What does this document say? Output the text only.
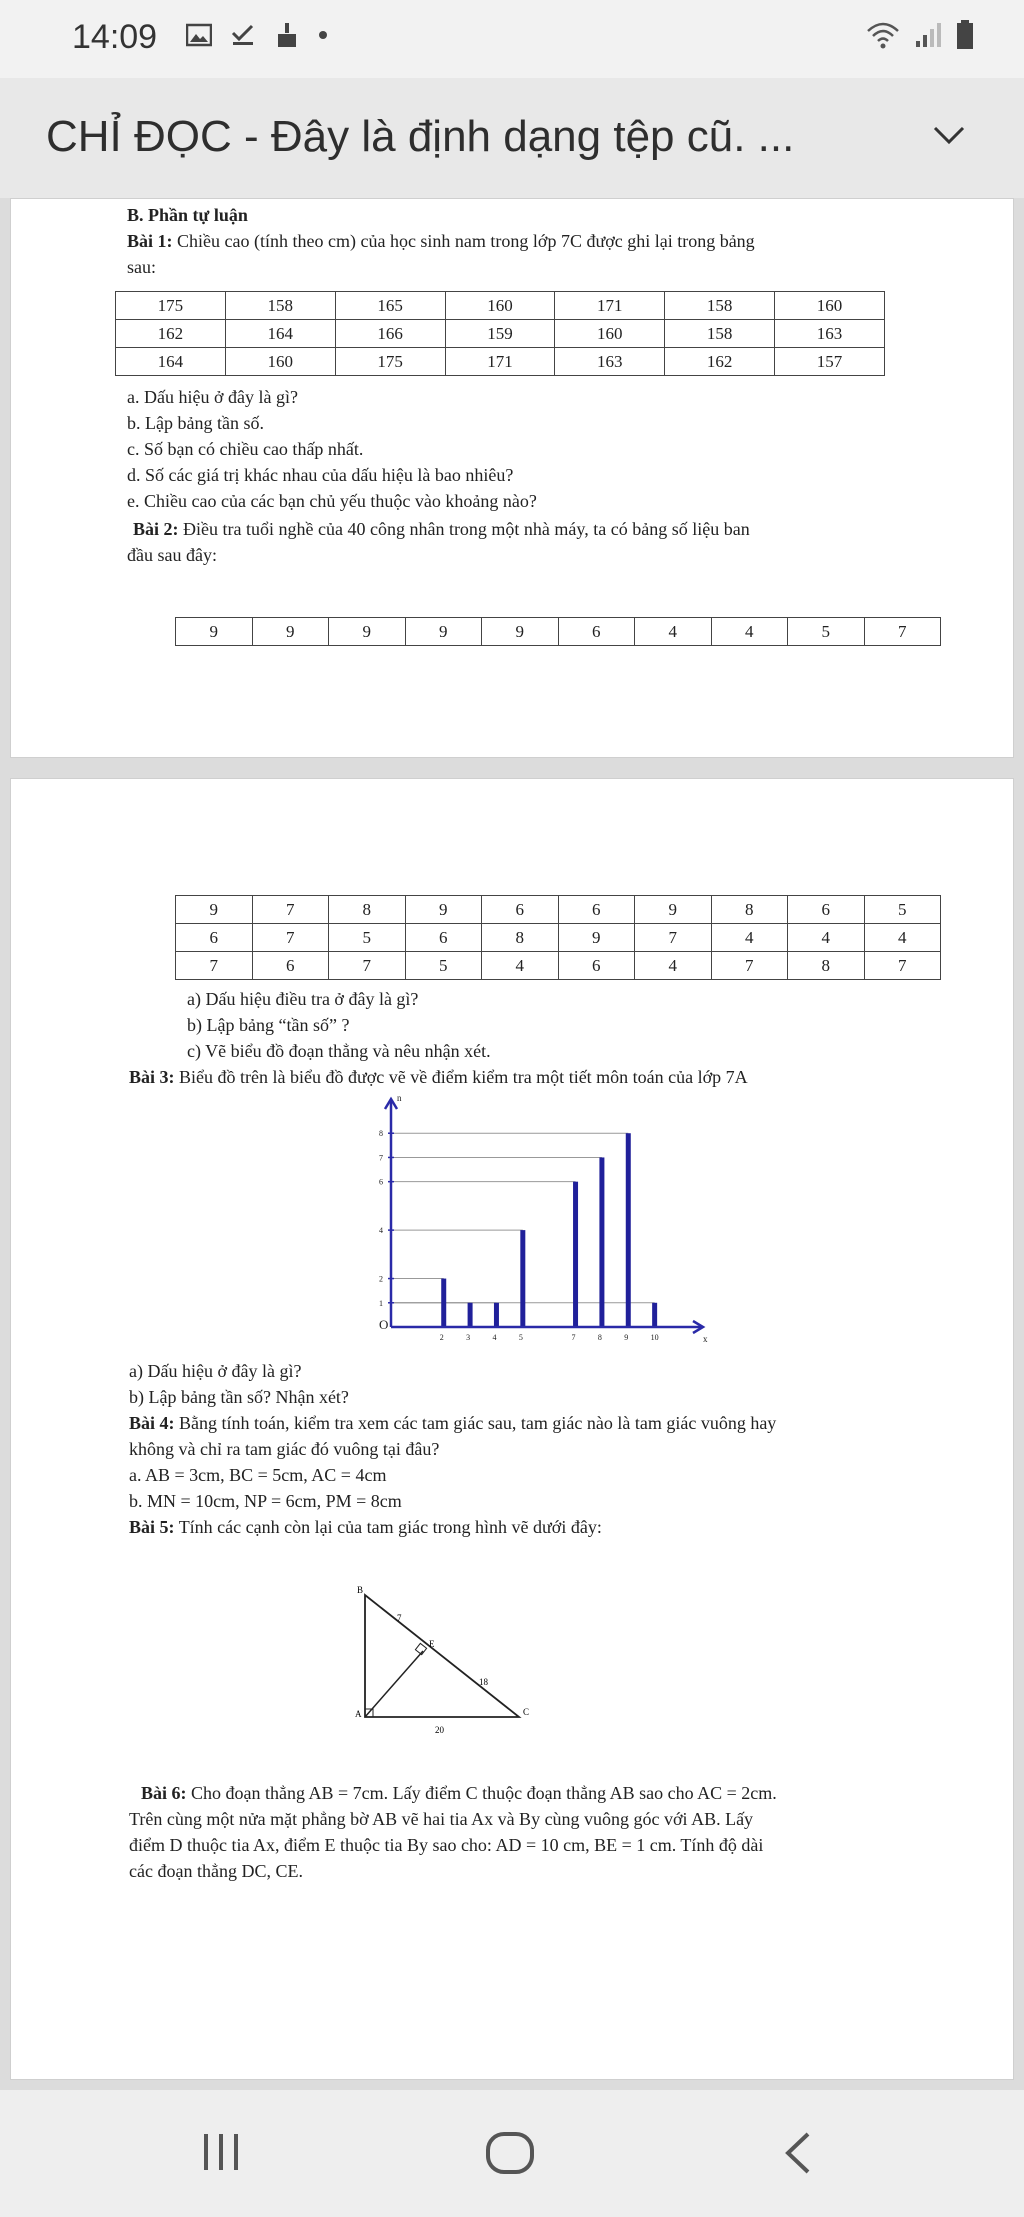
14:09
CHỈ ĐỌC - Đây là định dạng tệp cũ. ...
B. Phần tự luận
Bài 1: Chiều cao (tính theo cm) của học sinh nam trong lớp 7C được ghi lại trong bảng
sau:
175	158	165	160	171	158	160
162	164	166	159	160	158	163
164	160	175	171	163	162	157
a. Dấu hiệu ở đây là gì?
b. Lập bảng tần số.
c. Số bạn có chiều cao thấp nhất.
d. Số các giá trị khác nhau của dấu hiệu là bao nhiêu?
e. Chiều cao của các bạn chủ yếu thuộc vào khoảng nào?
Bài 2: Điều tra tuổi nghề của 40 công nhân trong một nhà máy, ta có bảng số liệu ban
đầu sau đây:
9	9	9	9	9	6	4	4	5	7
9	7	8	9	6	6	9	8	6	5
6	7	5	6	8	9	7	4	4	4
7	6	7	5	4	6	4	7	8	7
a) Dấu hiệu điều tra ở đây là gì?
b) Lập bảng “tần số” ?
c) Vẽ biểu đồ đoạn thẳng và nêu nhận xét.
Bài 3: Biểu đồ trên là biểu đồ được vẽ về điểm kiểm tra một tiết môn toán của lớp 7A
O
x
n
2	3	4	5	7	8	9	10
1
2
4
6
7
8
a) Dấu hiệu ở đây là gì?
b) Lập bảng tần số? Nhận xét?
Bài 4: Bằng tính toán, kiểm tra xem các tam giác sau, tam giác nào là tam giác vuông hay
không và chỉ ra tam giác đó vuông tại đâu?
a. AB = 3cm, BC = 5cm, AC = 4cm
b. MN = 10cm, NP = 6cm, PM = 8cm
Bài 5: Tính các cạnh còn lại của tam giác trong hình vẽ dưới đây:
B
7
E
18
A
20
C
Bài 6: Cho đoạn thẳng AB = 7cm. Lấy điểm C thuộc đoạn thẳng AB sao cho AC = 2cm.
Trên cùng một nửa mặt phẳng bờ AB vẽ hai tia Ax và By cùng vuông góc với AB. Lấy
điểm D thuộc tia Ax, điểm E thuộc tia By sao cho: AD = 10 cm, BE = 1 cm. Tính độ dài
các đoạn thẳng DC, CE.
